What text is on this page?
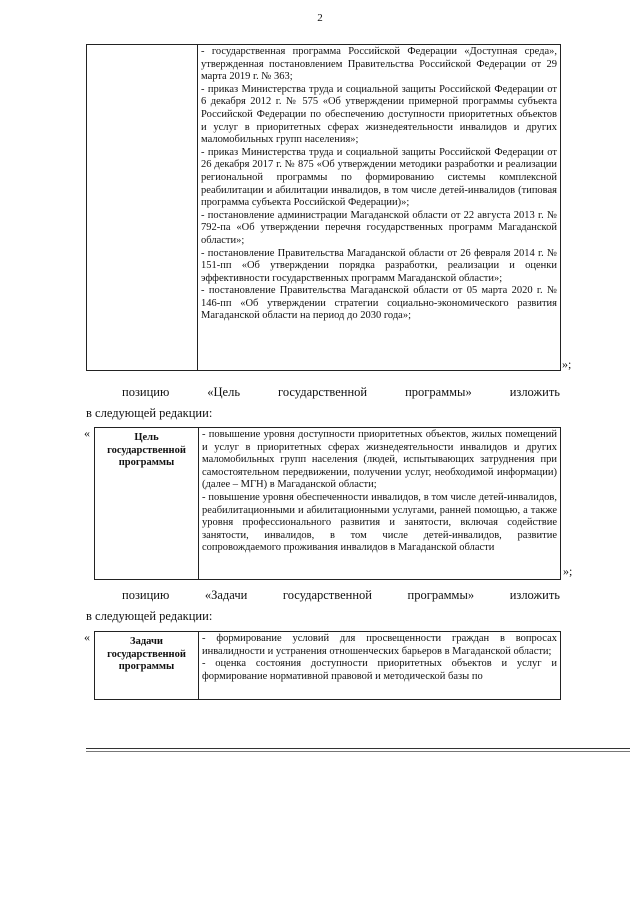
2

- государственная программа Российской Федерации «Доступная среда», утвержденная постановлением Правительства Российской Федерации от 29 марта 2019 г. № 363;

- приказ Министерства труда и социальной защиты Российской Федерации от 6 декабря 2012 г. № 575 «Об утверждении примерной программы субъекта Российской Федерации по обеспечению доступности приоритетных объектов и услуг в приоритетных сферах жизнедеятельности инвалидов и других маломобильных групп населения»;

- приказ Министерства труда и социальной защиты Российской Федерации от 26 декабря 2017 г. № 875 «Об утверждении методики разработки и реализации региональной программы по формированию системы комплексной реабилитации и абилитации инвалидов, в том числе детей-инвалидов (типовая программа субъекта Российской Федерации)»;

- постановление администрации Магаданской области от 22 августа 2013 г. № 792-па «Об утверждении перечня государственных программ Магаданской области»;

- постановление Правительства Магаданской области от 26 февраля 2014 г. № 151-пп «Об утверждении порядка разработки, реализации и оценки эффективности государственных программ Магаданской области»;

- постановление Правительства Магаданской области от 05 марта 2020 г. № 146-пп «Об утверждении стратегии социально-экономического развития Магаданской области на период до 2030 года»;

»;
позицию	«Цель	государственной	программы»	изложить
в следующей редакции:
«	Цель государственной программы	

- повышение уровня доступности приоритетных объектов, жилых помещений и услуг в приоритетных сферах жизнедеятельности инвалидов и других маломобильных групп населения (людей, испытывающих затруднения при самостоятельном передвижении, получении услуг, необходимой информации) (далее – МГН) в Магаданской области;

- повышение уровня обеспеченности инвалидов, в том числе детей-инвалидов, реабилитационными и абилитационными услугами, ранней помощью, а также уровня профессионального развития и занятости, включая содействие занятости, инвалидов, в том числе детей-инвалидов, развитие сопровождаемого проживания инвалидов в Магаданской области

»;
позицию	«Задачи	государственной	программы»	изложить
в следующей редакции:
«	Задачи государственной программы	

- формирование условий для просвещенности граждан в вопросах инвалидности и устранения отношенческих барьеров в Магаданской области;

- оценка состояния доступности приоритетных объектов и услуг и формирование нормативной правовой и методической базы по
